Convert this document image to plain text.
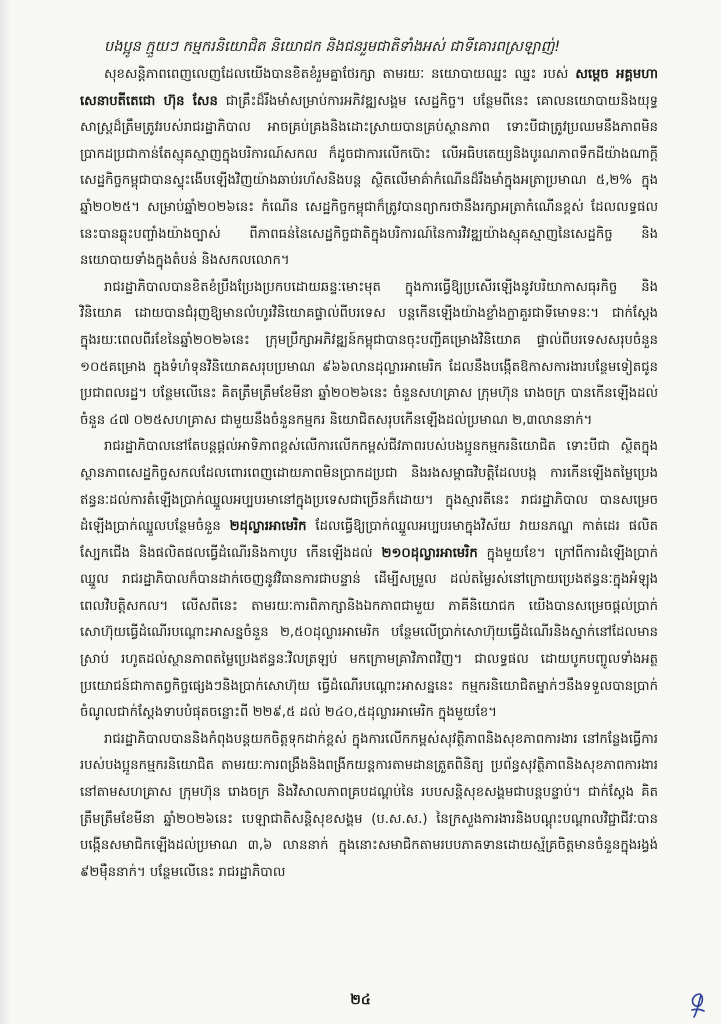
បងប្អូន ក្មួយៗ កម្មករនិយោជិត និយោជក និងជនរួមជាតិទាំងអស់ ជាទីគោរពស្រឡាញ់!

សុខសន្តិភាពពេញលេញដែលយើងបានខិតខំរួមគ្នាថែរក្សា តាមរយៈ នយោបាយឈ្នះ ឈ្នះ របស់ សម្តេច អគ្គមហាសេនាបតីតេជោ ហ៊ុន សែន ជាគ្រឹះដ៏រឹងមាំសម្រាប់ការអភិវឌ្ឍសង្គម សេដ្ឋកិច្ច។ បន្ថែមពីនេះ គោលនយោបាយនិងយុទ្ធសាស្ត្រដ៏ត្រឹមត្រូវរបស់រាជរដ្ឋាភិបាល អាចគ្រប់គ្រងនិងដោះស្រាយបានគ្រប់ស្ថានភាព ទោះបីជាត្រូវប្រឈមនឹងភាពមិនប្រាកដប្រជាកាន់តែស្មុគស្មាញក្នុងបរិការណ៍សកល ក៏ដូចជាការលើកប៊ោះ លើអធិបតេយ្យនិងបូរណភាពទឹកដីយ៉ាងណាក្តី សេដ្ឋកិច្ចកម្ពុជាបានស្ទុះងើបឡើងវិញយ៉ាងឆាប់រហ័សនិងបន្ត ស្ថិតលើមាគ៌ាកំណើនដ៏រឹងមាំក្នុងអត្រាប្រមាណ ៥,២% ក្នុងឆ្នាំ២០២៥។ សម្រាប់ឆ្នាំ២០២៦នេះ កំណើន សេដ្ឋកិច្ចកម្ពុជាក៏ត្រូវបានព្យាករថានឹងរក្សាអត្រាកំណើនខ្ពស់ ដែលលទ្ធផលនេះបានឆ្លុះបញ្ចាំងយ៉ាងច្បាស់ ពីភាពធន់នៃសេដ្ឋកិច្ចជាតិក្នុងបរិការណ៍នៃការវិវឌ្ឍយ៉ាងស្មុគស្មាញនៃសេដ្ឋកិច្ច និងនយោបាយទាំងក្នុងតំបន់ និងសកលលោក។

រាជរដ្ឋាភិបាលបានខិតខំប្រឹងប្រែងប្រកបដោយឆន្ទៈមោះមុត ក្នុងការធ្វើឱ្យប្រសើរឡើងនូវបរិយាកាសធុរកិច្ច និងវិនិយោគ ដោយបានជំរុញឱ្យមានលំហូរវិនិយោគផ្ទាល់ពីបរទេស បន្តកើនឡើងយ៉ាងខ្លាំងក្លាគួរជាទីមោទនៈ។ ជាក់ស្តែង ក្នុងរយៈពេលពីរខែនៃឆ្នាំ២០២៦នេះ ក្រុមប្រឹក្សាអភិវឌ្ឍន៍កម្ពុជាបានចុះបញ្ជីគម្រោងវិនិយោគ ផ្ទាល់ពីបរទេសសរុបចំនួន ១០៥គម្រោង ក្នុងទំហំទុនវិនិយោគសរុបប្រមាណ ៩៦៦លានដុល្លារអាមេរិក ដែលនឹងបង្កើតឱកាសការងារបន្ថែមទៀតជូនប្រជាពលរដ្ឋ។ បន្ថែមលើនេះ គិតត្រឹមត្រឹមខែមីនា ឆ្នាំ២០២៦នេះ ចំនួនសហគ្រាស ក្រុមហ៊ុន រោងចក្រ បានកើនឡើងដល់ចំនួន ៤៧ ០២៥សហគ្រាស ជាមួយនឹងចំនួនកម្មករ និយោជិតសរុបកើនឡើងដល់ប្រមាណ ២,៣លាននាក់។

រាជរដ្ឋាភិបាលនៅតែបន្តផ្តល់អាទិភាពខ្ពស់លើការលើកកម្ពស់ជីវភាពរបស់បងប្អូនកម្មករនិយោជិត ទោះបីជា ស្ថិតក្នុងស្ថានភាពសេដ្ឋកិច្ចសកលដែលពោរពេញដោយភាពមិនប្រាកដប្រជា និងរងសម្ពាធវិបត្តិដែលបង្ក ការកើនឡើងតម្លៃប្រេងឥន្ធនៈដល់ការតំឡើងប្រាក់ឈ្នួលអប្បបរមានៅក្នុងប្រទេសជាច្រើនក៏ដោយ។ ក្នុងស្មារតីនេះ រាជរដ្ឋាភិបាល បានសម្រេចដំឡើងប្រាក់ឈ្នួលបន្ថែមចំនួន ២ដុល្លារអាមេរិក ដែលធ្វើឱ្យប្រាក់ឈ្នួលអប្បបរមាក្នុងវិស័យ វាយនភណ្ឌ កាត់ដេរ ផលិតស្បែកជើង និងផលិតផលធ្វើដំណើរនិងកាបូប កើនឡើងដល់ ២១០ដុល្លារអាមេរិក ក្នុងមួយខែ។ ក្រៅពីការដំឡើងប្រាក់ឈ្នួល រាជរដ្ឋាភិបាលក៏បានដាក់ចេញនូវវិធានការជាបន្ទាន់ ដើម្បីសម្រួល ដល់តម្លៃរស់នៅក្រោយប្រេងឥន្ធនៈក្នុងអំឡុងពេលវិបត្តិសកល។ លើសពីនេះ តាមរយៈការពិភាក្សានិងឯកភាពជាមួយ ភាគីនិយោជក យើងបានសម្រេចផ្តល់ប្រាក់សោហ៊ុយធ្វើដំណើរបណ្តោះអាសន្នចំនួន ២,៥០ដុល្លារអាមេរិក បន្ថែមលើប្រាក់សោហ៊ុយធ្វើដំណើរនិងស្នាក់នៅដែលមានស្រាប់ រហូតដល់ស្ថានភាពតម្លៃប្រេងឥន្ធនៈវិលត្រឡប់ មកក្រោមគ្រាវិភាពវិញ។ ជាលទ្ធផល ដោយបូកបញ្ចូលទាំងអត្ថប្រយោជន៍ជាកាតព្វកិច្ចផ្សេងៗនិងប្រាក់សោហ៊ុយ ធ្វើដំណើរបណ្តោះអាសន្ននេះ កម្មករនិយោជិតម្នាក់ៗនឹងទទួលបានប្រាក់ចំណូលជាក់ស្តែងទាបបំផុតចន្លោះពី ២២៩,៥ ដល់ ២៤០,៥ដុល្លារអាមេរិក ក្នុងមួយខែ។

រាជរដ្ឋាភិបាលបាននិងកំពុងបន្តយកចិត្តទុកដាក់ខ្ពស់ ក្នុងការលើកកម្ពស់សុវត្ថិភាពនិងសុខភាពការងារ នៅកន្លែងធ្វើការរបស់បងប្អូនកម្មករនិយោជិត តាមរយៈការពង្រឹងនិងពង្រីកយន្តការតាមដានត្រួតពិនិត្យ ប្រព័ន្ធសុវត្ថិភាពនិងសុខភាពការងារនៅតាមសហគ្រាស ក្រុមហ៊ុន រោងចក្រ និងវិសាលភាពគ្របដណ្តប់នៃ របបសន្តិសុខសង្គមជាបន្តបន្ទាប់។ ជាក់ស្តែង គិតត្រឹមត្រឹមខែមីនា ឆ្នាំ២០២៦នេះ បេឡាជាតិសន្តិសុខសង្គម (ប.ស.ស.) នៃក្រសួងការងារនិងបណ្តុះបណ្តាលវិជ្ជាជីវៈបានបង្កើនសមាជិកឡើងដល់ប្រមាណ ៣,៦ លាននាក់ ក្នុងនោះសមាជិកតាមរបបភាគទានដោយស្ម័គ្រចិត្តមានចំនួនក្នុងរង្វង់ ៩២ម៉ឺននាក់។ បន្ថែមលើនេះ រាជរដ្ឋាភិបាល

២៤
